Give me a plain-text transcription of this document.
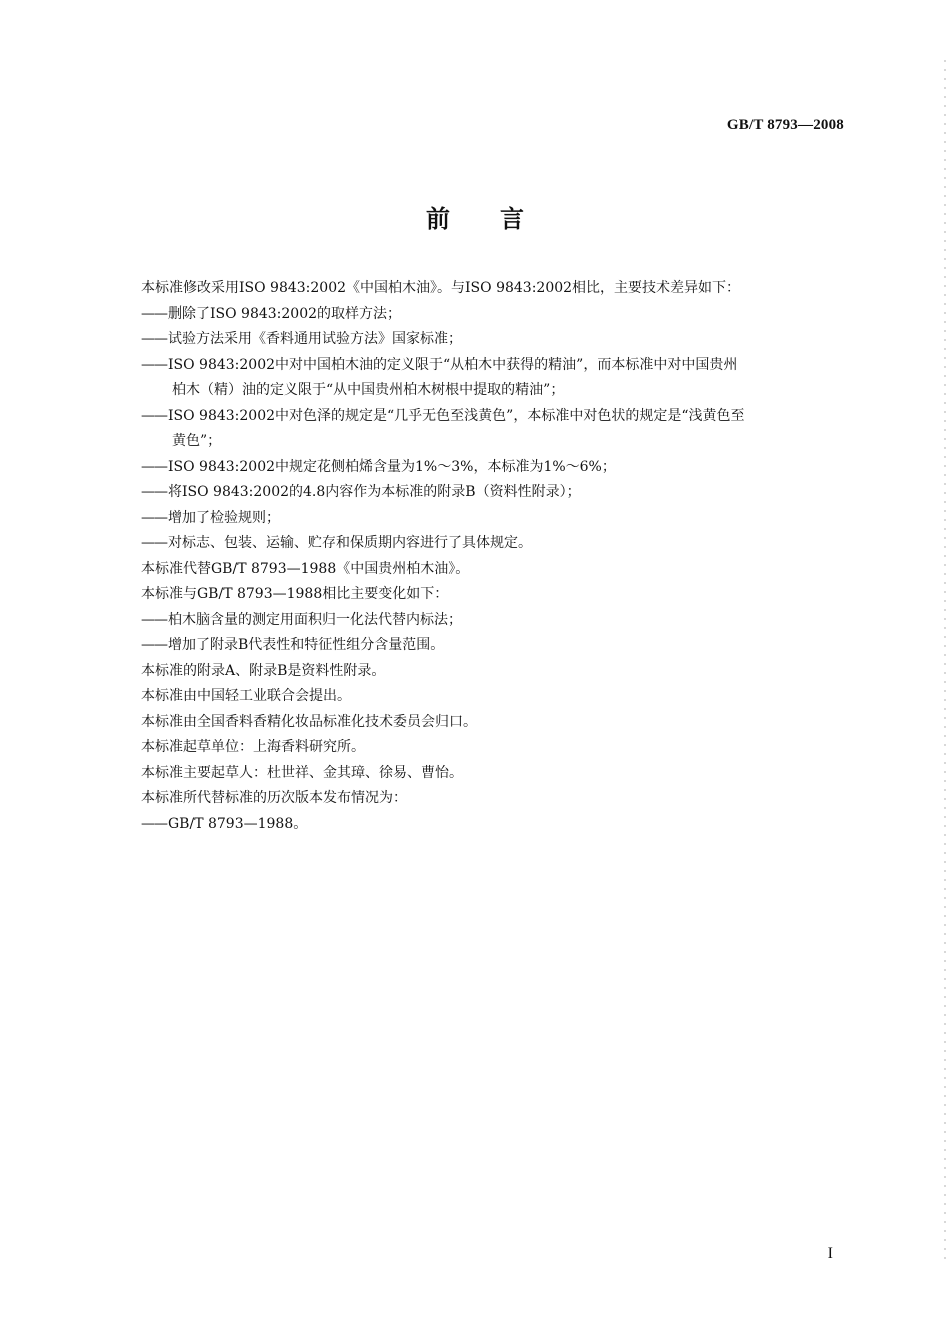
GB/T 8793—2008
前言
本标准修改采用ISO 9843:2002《中国柏木油》。与ISO 9843:2002相比，主要技术差异如下：
——删除了ISO 9843:2002的取样方法；
——试验方法采用《香料通用试验方法》国家标准；
——ISO 9843:2002中对中国柏木油的定义限于“从柏木中获得的精油”，而本标准中对中国贵州
柏木（精）油的定义限于“从中国贵州柏木树根中提取的精油”；
——ISO 9843:2002中对色泽的规定是“几乎无色至浅黄色”，本标准中对色状的规定是“浅黄色至
黄色”；
——ISO 9843:2002中规定花侧柏烯含量为1%～3%，本标准为1%～6%；
——将ISO 9843:2002的4.8内容作为本标准的附录B（资料性附录）；
——增加了检验规则；
——对标志、包装、运输、贮存和保质期内容进行了具体规定。
本标准代替GB/T 8793—1988《中国贵州柏木油》。
本标准与GB/T 8793—1988相比主要变化如下：
——柏木脑含量的测定用面积归一化法代替内标法；
——增加了附录B代表性和特征性组分含量范围。
本标准的附录A、附录B是资料性附录。
本标准由中国轻工业联合会提出。
本标准由全国香料香精化妆品标准化技术委员会归口。
本标准起草单位：上海香料研究所。
本标准主要起草人：杜世祥、金其璋、徐易、曹怡。
本标准所代替标准的历次版本发布情况为：
——GB/T 8793—1988。
I
